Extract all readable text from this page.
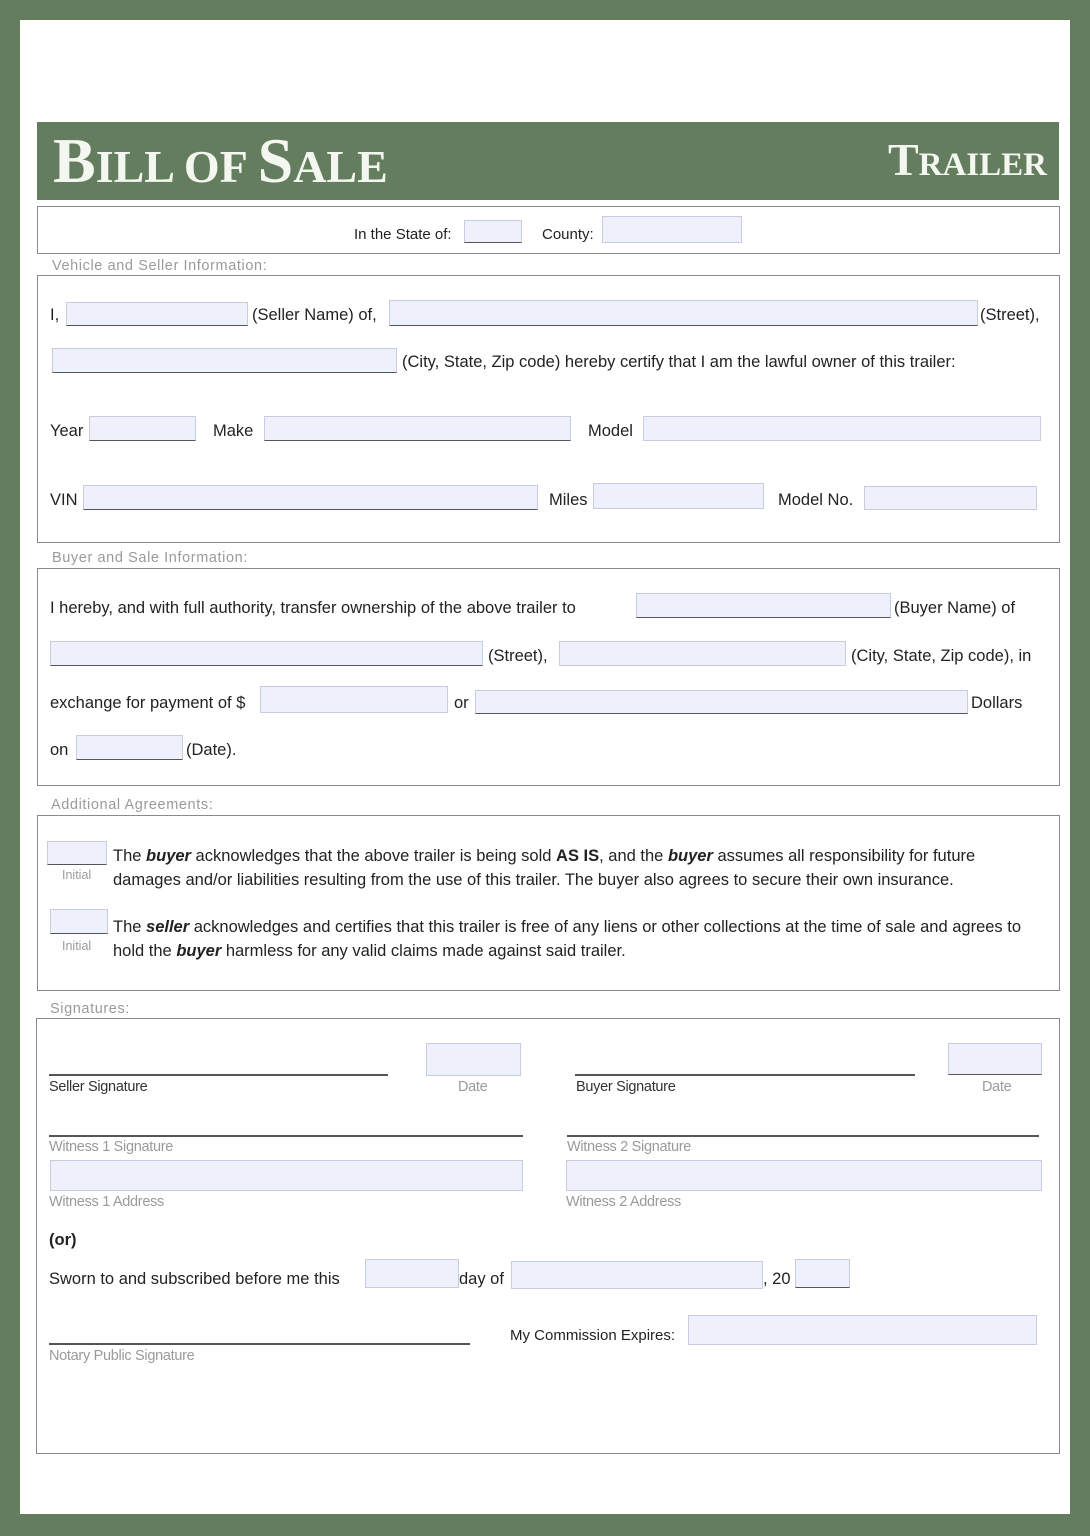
BILL OF SALE	TRAILER
In the State of:	County:
Vehicle and Seller Information:
I,	(Seller Name) of,	(Street),
(City, State, Zip code) hereby certify that I am the lawful owner of this trailer:
Year	Make	Model
VIN	Miles	Model No.
Buyer and Sale Information:
I hereby, and with full authority, transfer ownership of the above trailer to	(Buyer Name) of
(Street),	(City, State, Zip code), in
exchange for payment of $	or	Dollars
on	(Date).
Additional Agreements:
Initial
The buyer acknowledges that the above trailer is being sold AS IS, and the buyer assumes all responsibility for future damages and/or liabilities resulting from the use of this trailer. The buyer also agrees to secure their own insurance.
Initial
The seller acknowledges and certifies that this trailer is free of any liens or other collections at the time of sale and agrees to hold the buyer harmless for any valid claims made against said trailer.
Signatures:
Seller Signature	Date	Buyer Signature	Date
Witness 1 Signature	Witness 2 Signature
Witness 1 Address	Witness 2 Address
(or)
Sworn to and subscribed before me this	day of	, 20
Notary Public Signature
My Commission Expires:
